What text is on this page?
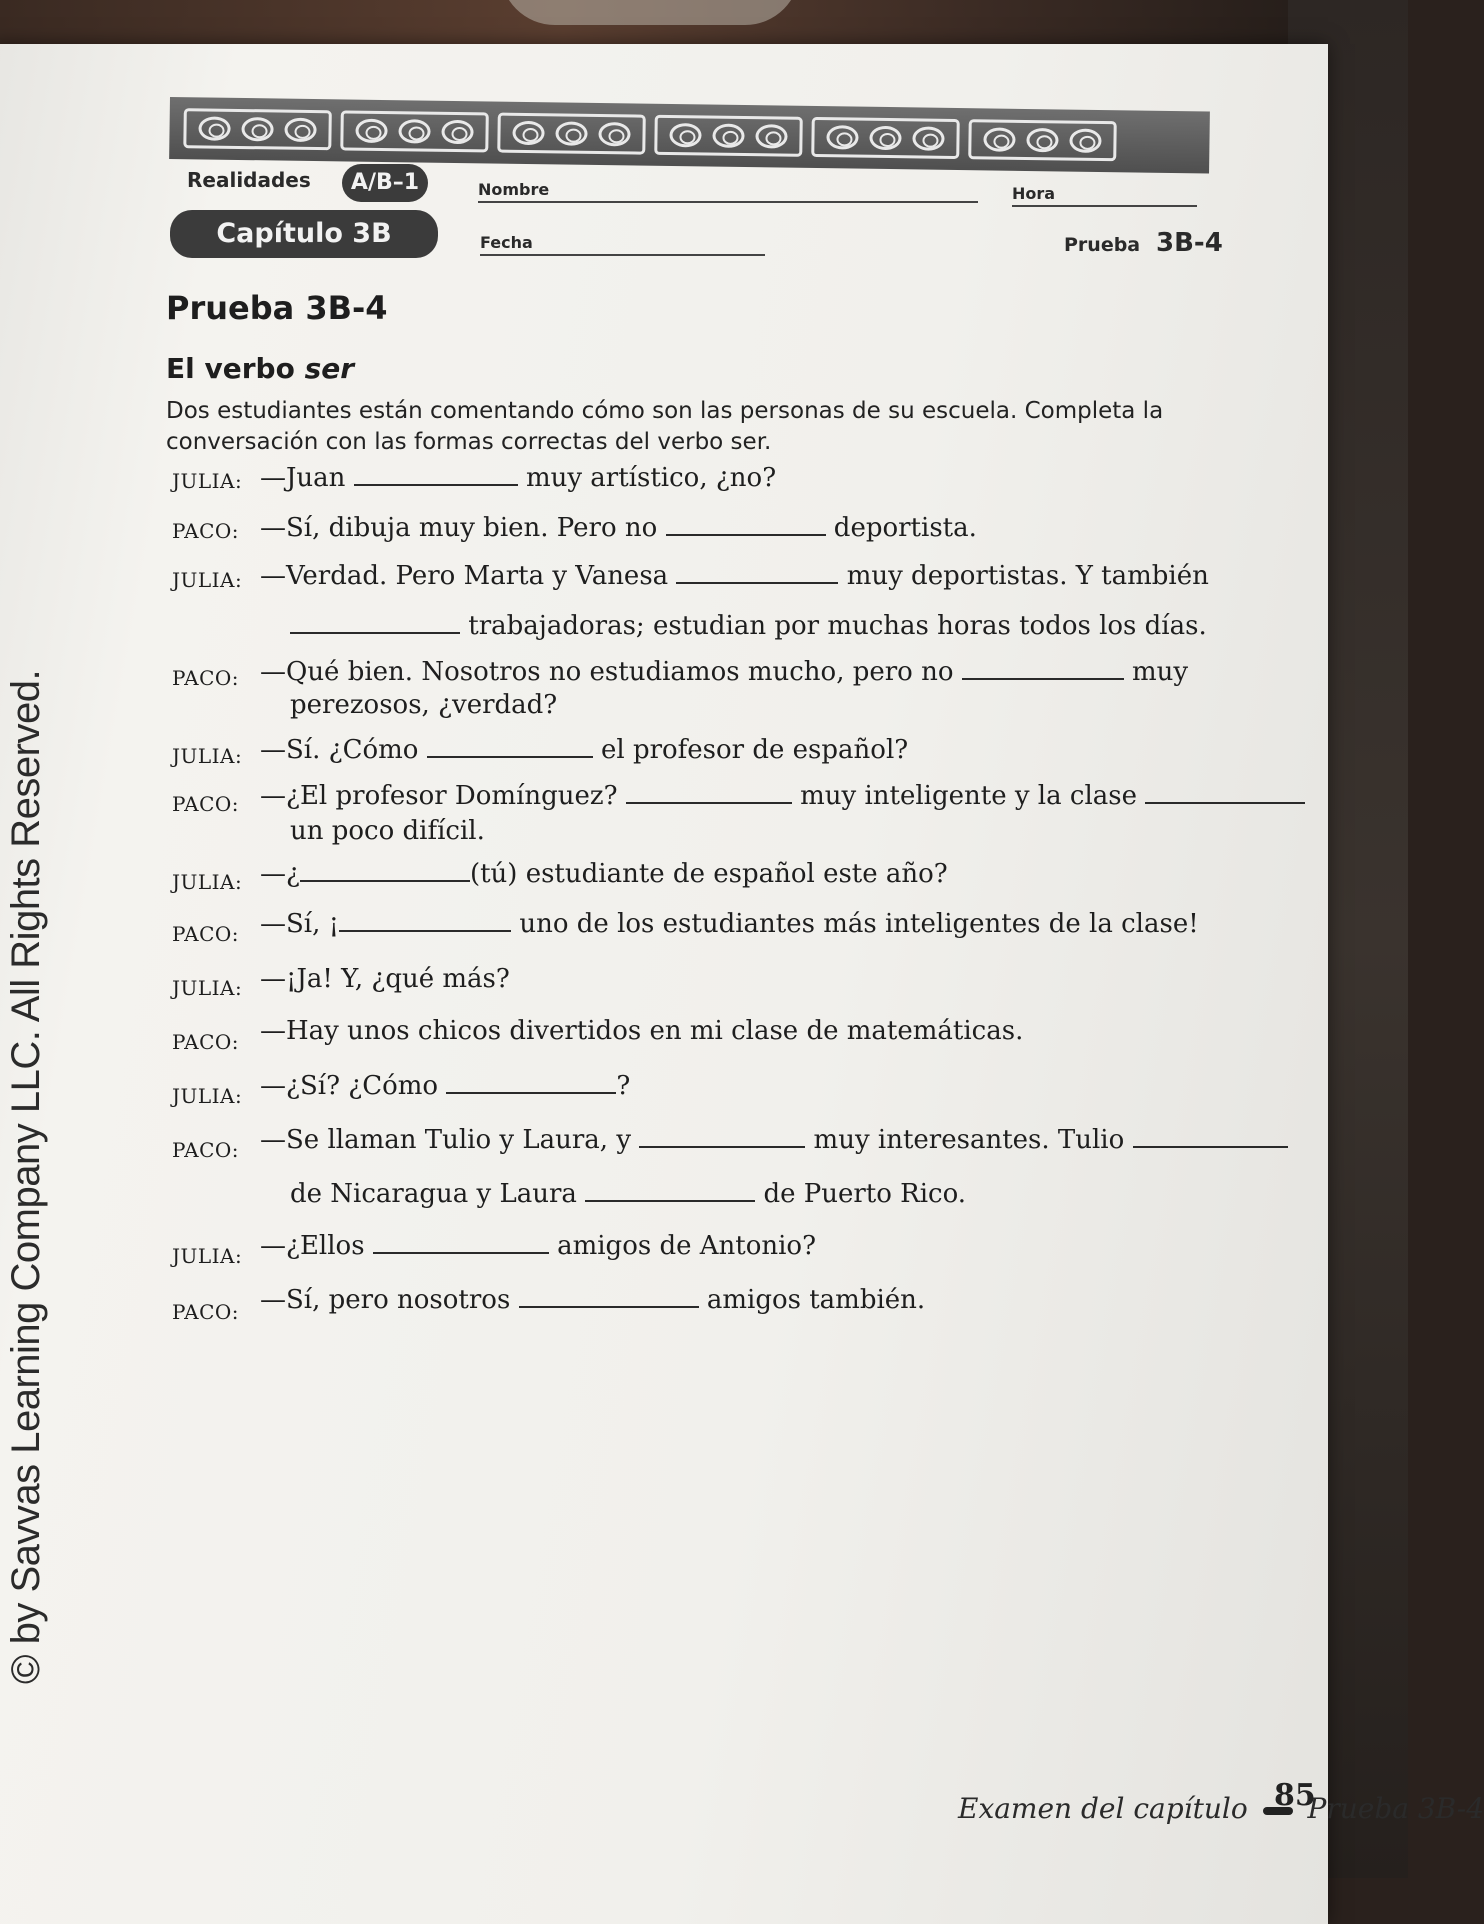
Realidades	A/B–1
Capítulo 3B
Nombre	Hora
Fecha	Prueba 3B-4
Prueba 3B-4
El verbo ser
Dos estudiantes están comentando cómo son las personas de su escuela. Completa la
conversación con las formas correctas del verbo ser.
JULIA: —Juan	muy artístico, ¿no?
PACO: —Sí, dibuja muy bien. Pero no	deportista.
JULIA: —Verdad. Pero Marta y Vanesa	muy deportistas. Y también
trabajadoras; estudian por muchas horas todos los días.
PACO: —Qué bien. Nosotros no estudiamos mucho, pero no	muy
perezosos, ¿verdad?
JULIA: —Sí. ¿Cómo	el profesor de español?
PACO: —¿El profesor Domínguez?	muy inteligente y la clase
un poco difícil.
JULIA: —¿	(tú) estudiante de español este año?
PACO: —Sí, ¡	uno de los estudiantes más inteligentes de la clase!
JULIA: —¡Ja! Y, ¿qué más?
PACO: —Hay unos chicos divertidos en mi clase de matemáticas.
JULIA: —¿Sí? ¿Cómo	?
PACO: —Se llaman Tulio y Laura, y	muy interesantes. Tulio
de Nicaragua y Laura	de Puerto Rico.
JULIA: —¿Ellos	amigos de Antonio?
PACO: —Sí, pero nosotros	amigos también.
Examen del capítulo Prueba 3B-4
85
© by Savvas Learning Company LLC. All Rights Reserved.
